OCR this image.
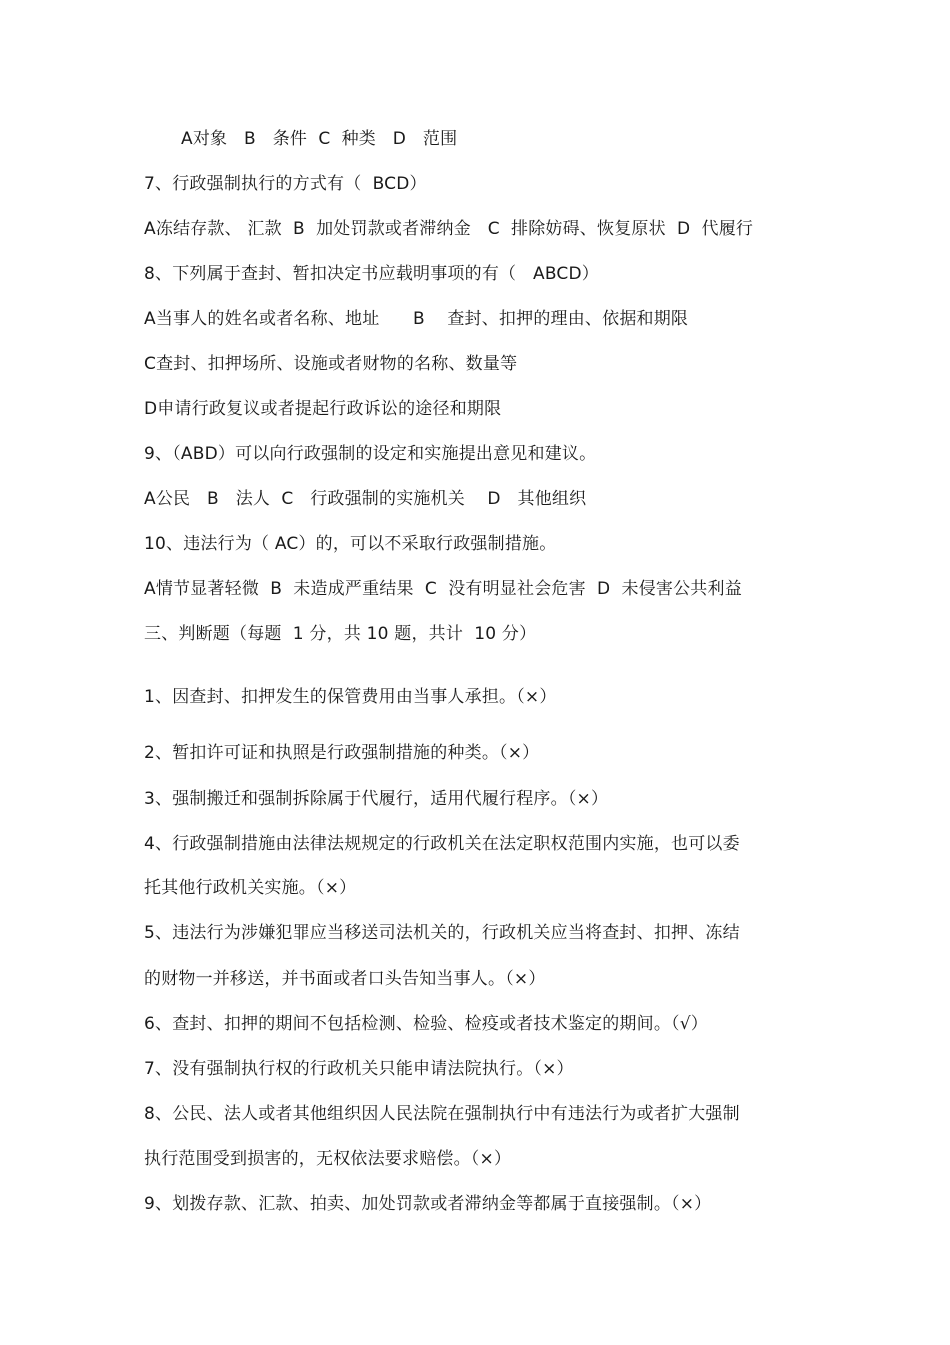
A对象   B   条件  C  种类   D   范围
7、行政强制执行的方式有（  BCD）
A冻结存款、 汇款  B  加处罚款或者滞纳金   C  排除妨碍、恢复原状  D  代履行
8、下列属于查封、暂扣决定书应载明事项的有（   ABCD）
A当事人的姓名或者名称、地址      B    查封、扣押的理由、依据和期限
C查封、扣押场所、设施或者财物的名称、数量等
D申请行政复议或者提起行政诉讼的途径和期限
9、（ABD）可以向行政强制的设定和实施提出意见和建议。
A公民   B   法人  C   行政强制的实施机关    D   其他组织
10、违法行为（ AC）的，可以不采取行政强制措施。
A情节显著轻微  B  未造成严重结果  C  没有明显社会危害  D  未侵害公共利益
三、判断题（每题  1 分，共 10 题，共计  10 分）
1、因查封、扣押发生的保管费用由当事人承担。（×）
2、暂扣许可证和执照是行政强制措施的种类。（×）
3、强制搬迁和强制拆除属于代履行，适用代履行程序。（×）
4、行政强制措施由法律法规规定的行政机关在法定职权范围内实施，也可以委
托其他行政机关实施。（×）
5、违法行为涉嫌犯罪应当移送司法机关的，行政机关应当将查封、扣押、冻结
的财物一并移送，并书面或者口头告知当事人。（×）
6、查封、扣押的期间不包括检测、检验、检疫或者技术鉴定的期间。（√）
7、没有强制执行权的行政机关只能申请法院执行。（×）
8、公民、法人或者其他组织因人民法院在强制执行中有违法行为或者扩大强制
执行范围受到损害的，无权依法要求赔偿。（×）
9、划拨存款、汇款、拍卖、加处罚款或者滞纳金等都属于直接强制。（×）
